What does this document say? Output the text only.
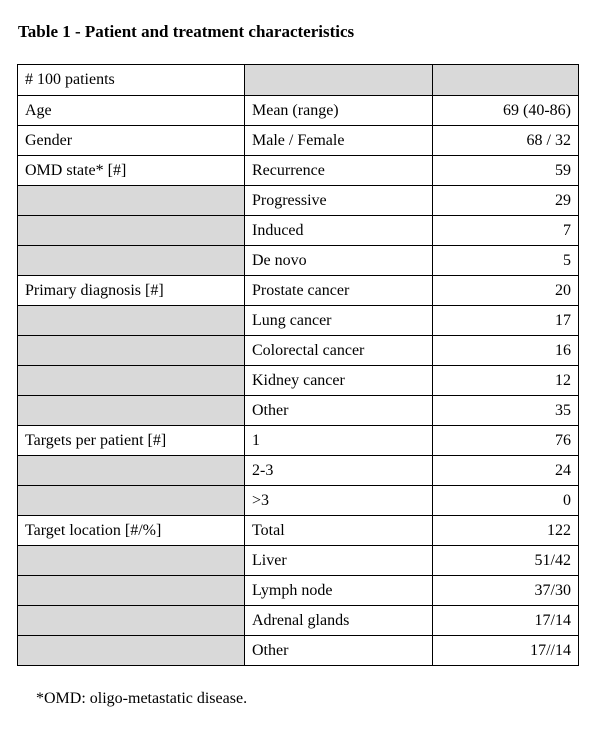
Table 1 - Patient and treatment characteristics
# 100 patients		
Age	Mean (range)	69 (40-86)
Gender	Male / Female	68 / 32
OMD state* [#]	Recurrence	59
	Progressive	29
	Induced	7
	De novo	5
Primary diagnosis [#]	Prostate cancer	20
	Lung cancer	17
	Colorectal cancer	16
	Kidney cancer	12
	Other	35
Targets per patient [#]	1	76
	2-3	24
	>3	0
Target location [#/%]	Total	122
	Liver	51/42
	Lymph node	37/30
	Adrenal glands	17/14
	Other	17//14
*OMD: oligo-metastatic disease.
